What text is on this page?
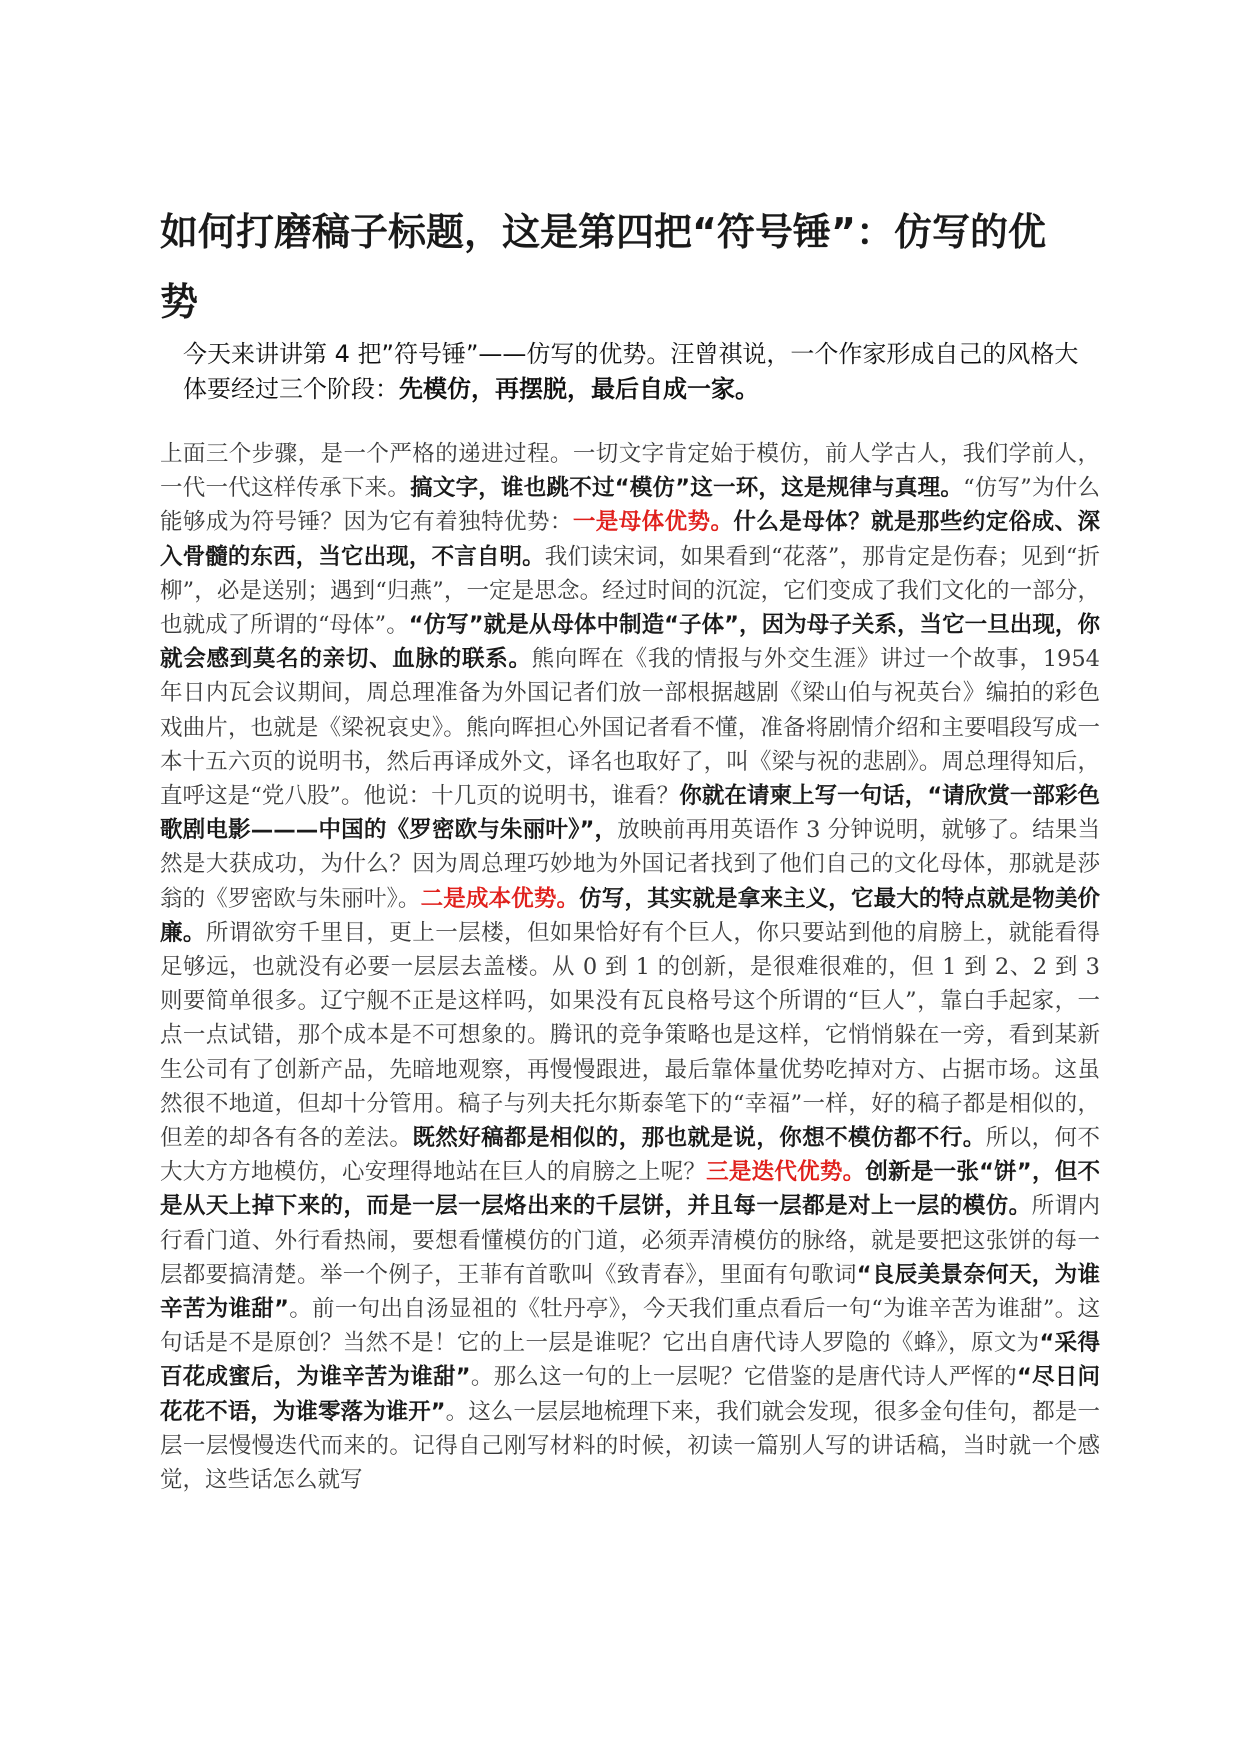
如何打磨稿子标题，这是第四把“符号锤”：仿写的优势

今天来讲讲第 4 把”符号锤”——仿写的优势。汪曾祺说，一个作家形成自己的风格大体要经过三个阶段：先模仿，再摆脱，最后自成一家。

上面三个步骤，是一个严格的递进过程。一切文字肯定始于模仿，前人学古人，我们学前人，一代一代这样传承下来。搞文字，谁也跳不过“模仿”这一环，这是规律与真理。“仿写”为什么能够成为符号锤？因为它有着独特优势：一是母体优势。什么是母体？就是那些约定俗成、深入骨髓的东西，当它出现，不言自明。我们读宋词，如果看到“花落”，那肯定是伤春；见到“折柳”，必是送别；遇到“归燕”，一定是思念。经过时间的沉淀，它们变成了我们文化的一部分，也就成了所谓的“母体”。“仿写”就是从母体中制造“子体”，因为母子关系，当它一旦出现，你就会感到莫名的亲切、血脉的联系。熊向晖在《我的情报与外交生涯》讲过一个故事，1954 年日内瓦会议期间，周总理准备为外国记者们放一部根据越剧《梁山伯与祝英台》编拍的彩色戏曲片，也就是《梁祝哀史》。熊向晖担心外国记者看不懂，准备将剧情介绍和主要唱段写成一本十五六页的说明书，然后再译成外文，译名也取好了，叫《梁与祝的悲剧》。周总理得知后，直呼这是“党八股”。他说：十几页的说明书，谁看？你就在请柬上写一句话，“请欣赏一部彩色歌剧电影———中国的《罗密欧与朱丽叶》”，放映前再用英语作 3 分钟说明，就够了。结果当然是大获成功，为什么？因为周总理巧妙地为外国记者找到了他们自己的文化母体，那就是莎翁的《罗密欧与朱丽叶》。二是成本优势。仿写，其实就是拿来主义，它最大的特点就是物美价廉。所谓欲穷千里目，更上一层楼，但如果恰好有个巨人，你只要站到他的肩膀上，就能看得足够远，也就没有必要一层层去盖楼。从 0 到 1 的创新，是很难很难的，但 1 到 2、2 到 3 则要简单很多。辽宁舰不正是这样吗，如果没有瓦良格号这个所谓的“巨人”，靠白手起家，一点一点试错，那个成本是不可想象的。腾讯的竞争策略也是这样，它悄悄躲在一旁，看到某新生公司有了创新产品，先暗地观察，再慢慢跟进，最后靠体量优势吃掉对方、占据市场。这虽然很不地道，但却十分管用。稿子与列夫托尔斯泰笔下的“幸福”一样，好的稿子都是相似的，但差的却各有各的差法。既然好稿都是相似的，那也就是说，你想不模仿都不行。所以，何不大大方方地模仿，心安理得地站在巨人的肩膀之上呢？三是迭代优势。创新是一张“饼”，但不是从天上掉下来的，而是一层一层烙出来的千层饼，并且每一层都是对上一层的模仿。所谓内行看门道、外行看热闹，要想看懂模仿的门道，必须弄清模仿的脉络，就是要把这张饼的每一层都要搞清楚。举一个例子，王菲有首歌叫《致青春》，里面有句歌词“良辰美景奈何天，为谁辛苦为谁甜”。前一句出自汤显祖的《牡丹亭》，今天我们重点看后一句“为谁辛苦为谁甜”。这句话是不是原创？当然不是！它的上一层是谁呢？它出自唐代诗人罗隐的《蜂》，原文为“采得百花成蜜后，为谁辛苦为谁甜”。那么这一句的上一层呢？它借鉴的是唐代诗人严恽的“尽日问花花不语，为谁零落为谁开”。这么一层层地梳理下来，我们就会发现，很多金句佳句，都是一层一层慢慢迭代而来的。记得自己刚写材料的时候，初读一篇别人写的讲话稿，当时就一个感觉，这些话怎么就写
